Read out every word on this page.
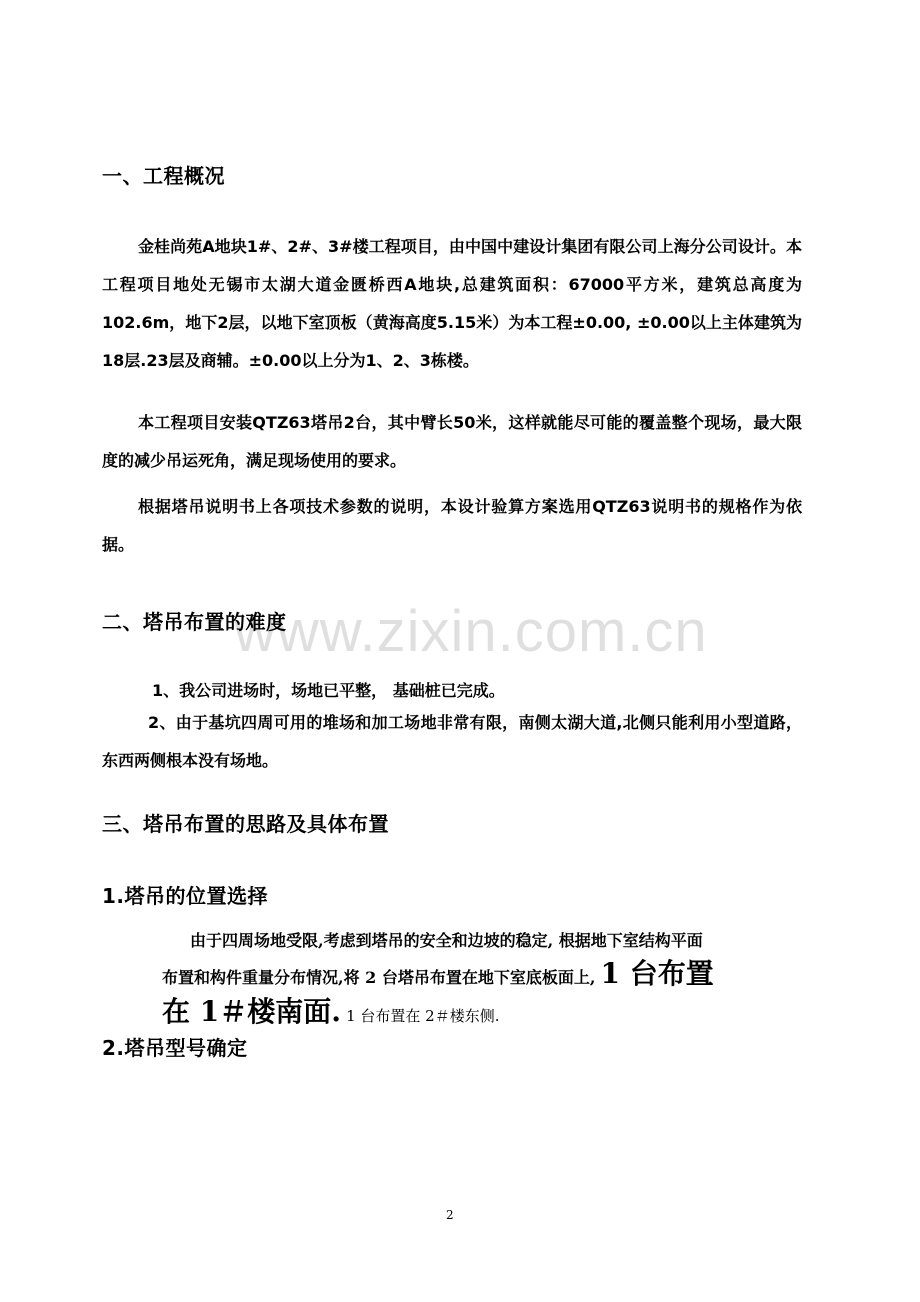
一、工程概况
金桂尚苑A地块1#、2#、3#楼工程项目，由中国中建设计集团有限公司上海分公司设计。本工程项目地处无锡市太湖大道金匮桥西A地块,总建筑面积：67000平方米，建筑总高度为102.6m，地下2层，以地下室顶板（黄海高度5.15米）为本工程±0.00, ±0.00以上主体建筑为18层.23层及商辅。±0.00以上分为1、2、3栋楼。
本工程项目安装QTZ63塔吊2台，其中臂长50米，这样就能尽可能的覆盖整个现场，最大限度的减少吊运死角，满足现场使用的要求。
根据塔吊说明书上各项技术参数的说明，本设计验算方案选用QTZ63说明书的规格作为依据。
二、塔吊布置的难度
1、我公司进场时，场地已平整， 基础桩已完成。
2、由于基坑四周可用的堆场和加工场地非常有限，南侧太湖大道,北侧只能利用小型道路，东西两侧根本没有场地。
三、塔吊布置的思路及具体布置
1.塔吊的位置选择
由于四周场地受限,考虑到塔吊的安全和边坡的稳定, 根据地下室结构平面
布置和构件重量分布情况,将 2 台塔吊布置在地下室底板面上, 1 台布置
在 1＃楼南面. 1 台布置在 2＃楼东侧.
2.塔吊型号确定
www.zixin.com.cn
2
